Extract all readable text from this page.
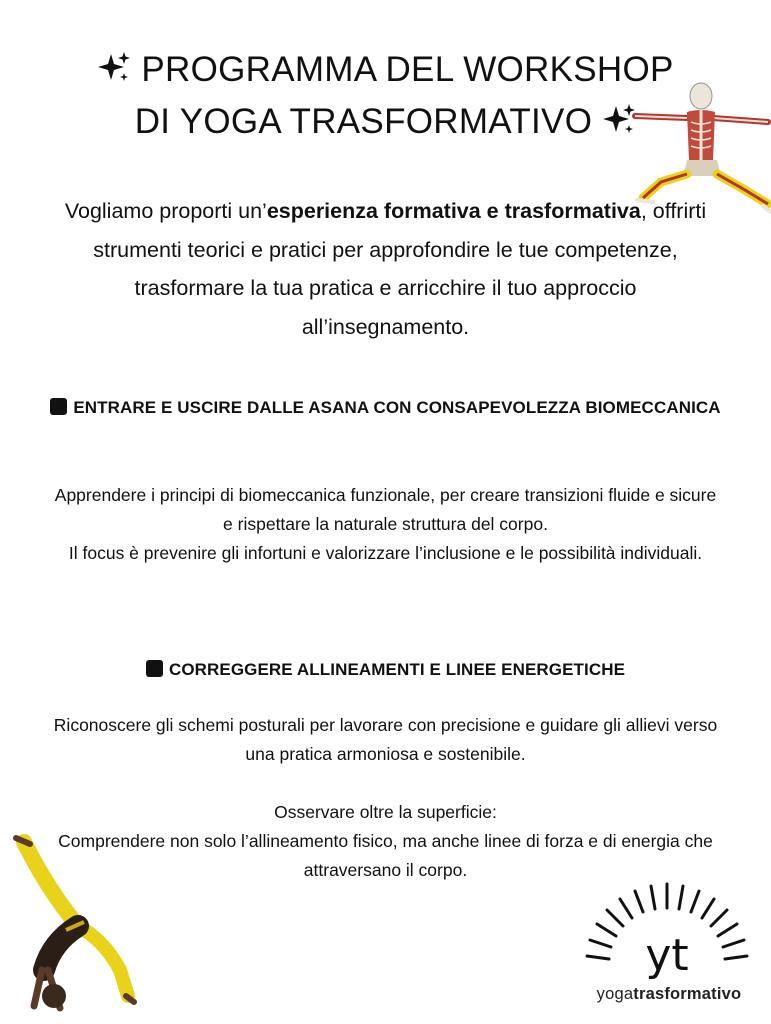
PROGRAMMA DEL WORKSHOP
DI YOGA TRASFORMATIVO
Vogliamo proporti un’esperienza formativa e trasformativa, offrirti strumenti teorici e pratici per approfondire le tue competenze, trasformare la tua pratica e arricchire il tuo approccio all’insegnamento.
ENTRARE E USCIRE DALLE ASANA CON CONSAPEVOLEZZA BIOMECCANICA
Apprendere i principi di biomeccanica funzionale, per creare transizioni fluide e sicure e rispettare la naturale struttura del corpo.
Il focus è prevenire gli infortuni e valorizzare l’inclusione e le possibilità individuali.
CORREGGERE ALLINEAMENTI E LINEE ENERGETICHE
Riconoscere gli schemi posturali per lavorare con precisione e guidare gli allievi verso una pratica armoniosa e sostenibile.
Osservare oltre la superficie:
Comprendere non solo l’allineamento fisico, ma anche linee di forza e di energia che attraversano il corpo.
yt
yogatrasformativo
